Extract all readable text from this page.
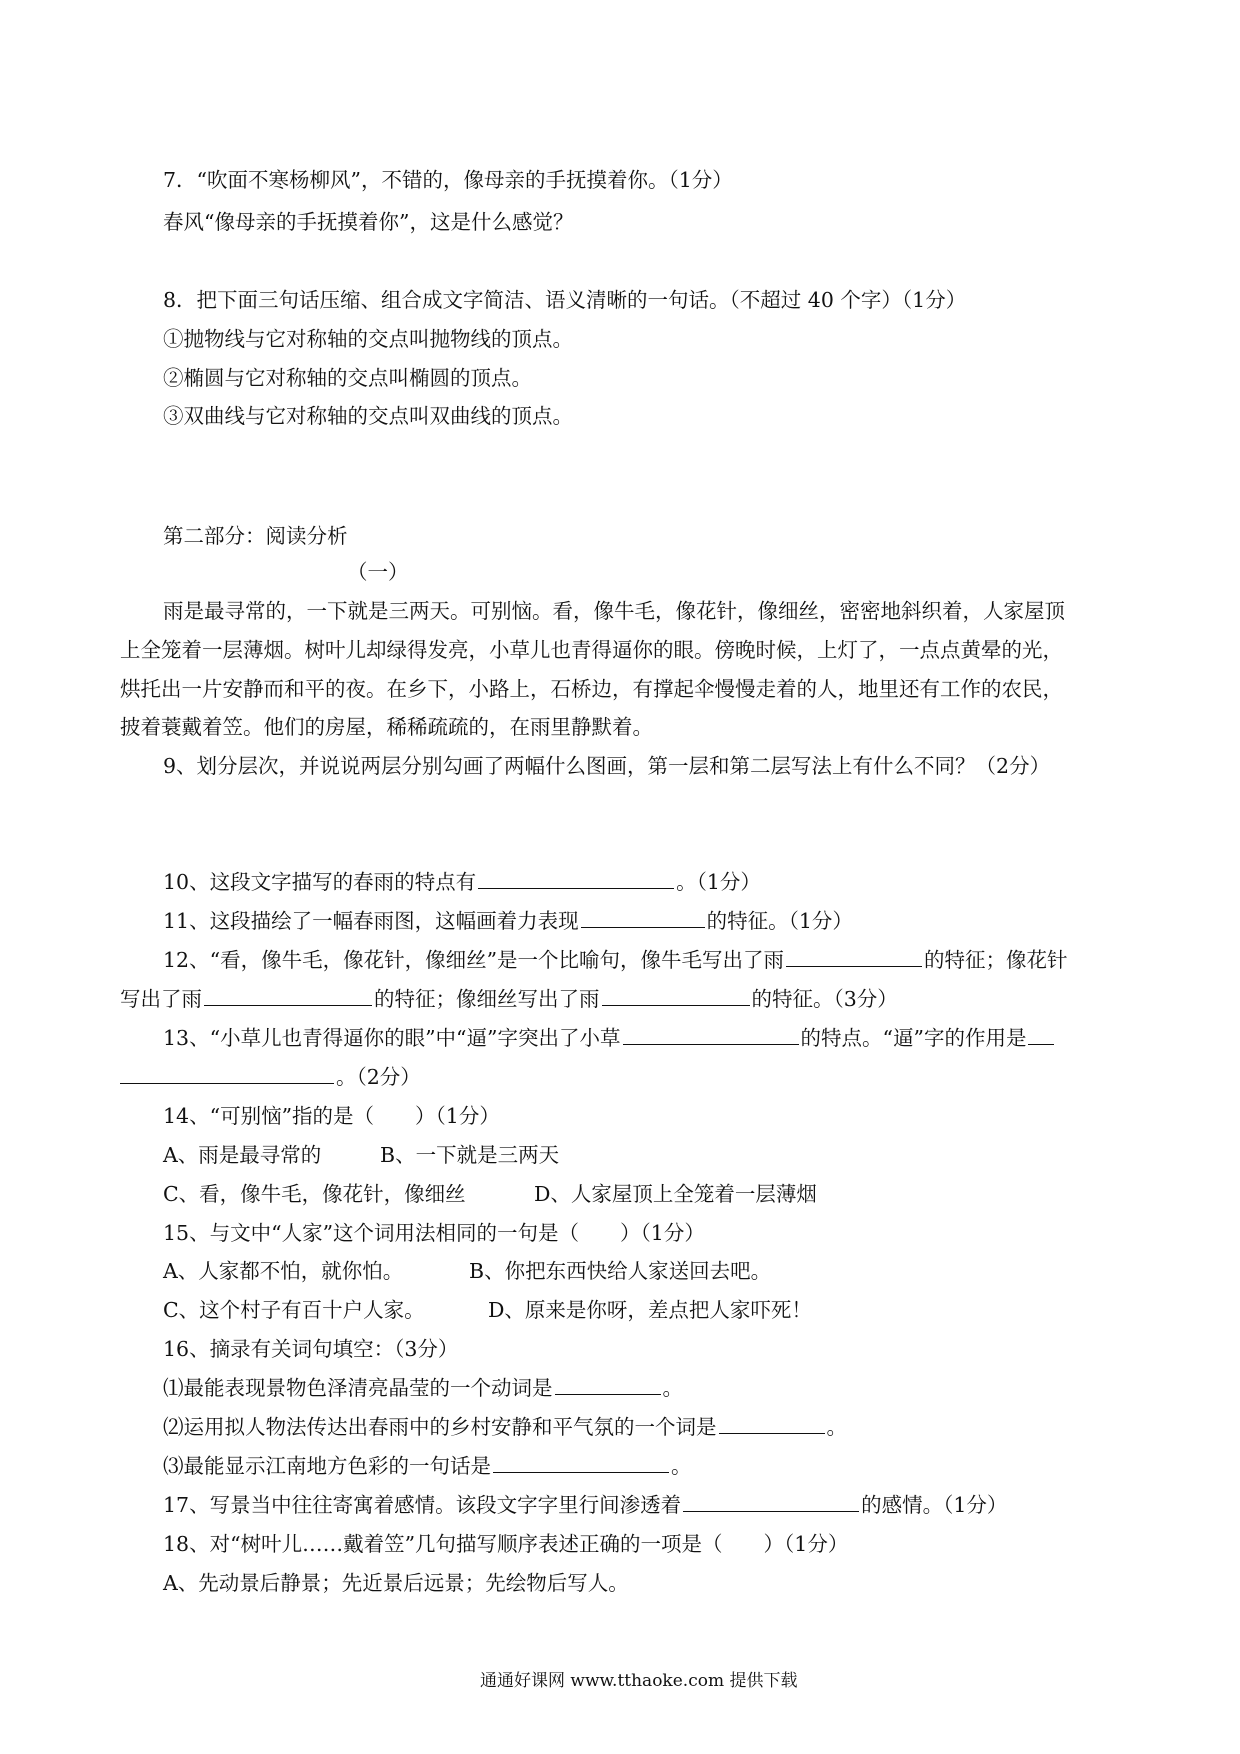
7．“吹面不寒杨柳风”，不错的，像母亲的手抚摸着你。（1分）
春风“像母亲的手抚摸着你”，这是什么感觉？
8．把下面三句话压缩、组合成文字简洁、语义清晰的一句话。（不超过 40 个字）（1分）
①抛物线与它对称轴的交点叫抛物线的顶点。
②椭圆与它对称轴的交点叫椭圆的顶点。
③双曲线与它对称轴的交点叫双曲线的顶点。
第二部分：阅读分析
（一）
雨是最寻常的，一下就是三两天。可别恼。看，像牛毛，像花针，像细丝，密密地斜织着，人家屋顶
上全笼着一层薄烟。树叶儿却绿得发亮，小草儿也青得逼你的眼。傍晚时候，上灯了，一点点黄晕的光，
烘托出一片安静而和平的夜。在乡下，小路上，石桥边，有撑起伞慢慢走着的人，地里还有工作的农民，
披着蓑戴着笠。他们的房屋，稀稀疏疏的，在雨里静默着。
9、划分层次，并说说两层分别勾画了两幅什么图画，第一层和第二层写法上有什么不同？（2分）
10、这段文字描写的春雨的特点有	。（1分）
11、这段描绘了一幅春雨图，这幅画着力表现	的特征。（1分）
12、“看，像牛毛，像花针，像细丝”是一个比喻句，像牛毛写出了雨	的特征；像花针
写出了雨	的特征；像细丝写出了雨	的特征。（3分）
13、“小草儿也青得逼你的眼”中“逼”字突出了小草	的特点。“逼”字的作用是
。（2分）
14、“可别恼”指的是（　　）（1分）
A、雨是最寻常的	B、一下就是三两天
C、看，像牛毛，像花针，像细丝	D、人家屋顶上全笼着一层薄烟
15、与文中“人家”这个词用法相同的一句是（　　）（1分）
A、人家都不怕，就你怕。	B、你把东西快给人家送回去吧。
C、这个村子有百十户人家。	D、原来是你呀，差点把人家吓死！
16、摘录有关词句填空：（3分）
⑴最能表现景物色泽清亮晶莹的一个动词是	。
⑵运用拟人物法传达出春雨中的乡村安静和平气氛的一个词是	。
⑶最能显示江南地方色彩的一句话是	。
17、写景当中往往寄寓着感情。该段文字字里行间渗透着	的感情。（1分）
18、对“树叶儿……戴着笠”几句描写顺序表述正确的一项是（　　）（1分）
A、先动景后静景；先近景后远景；先绘物后写人。
通通好课网 www.tthaoke.com 提供下载
